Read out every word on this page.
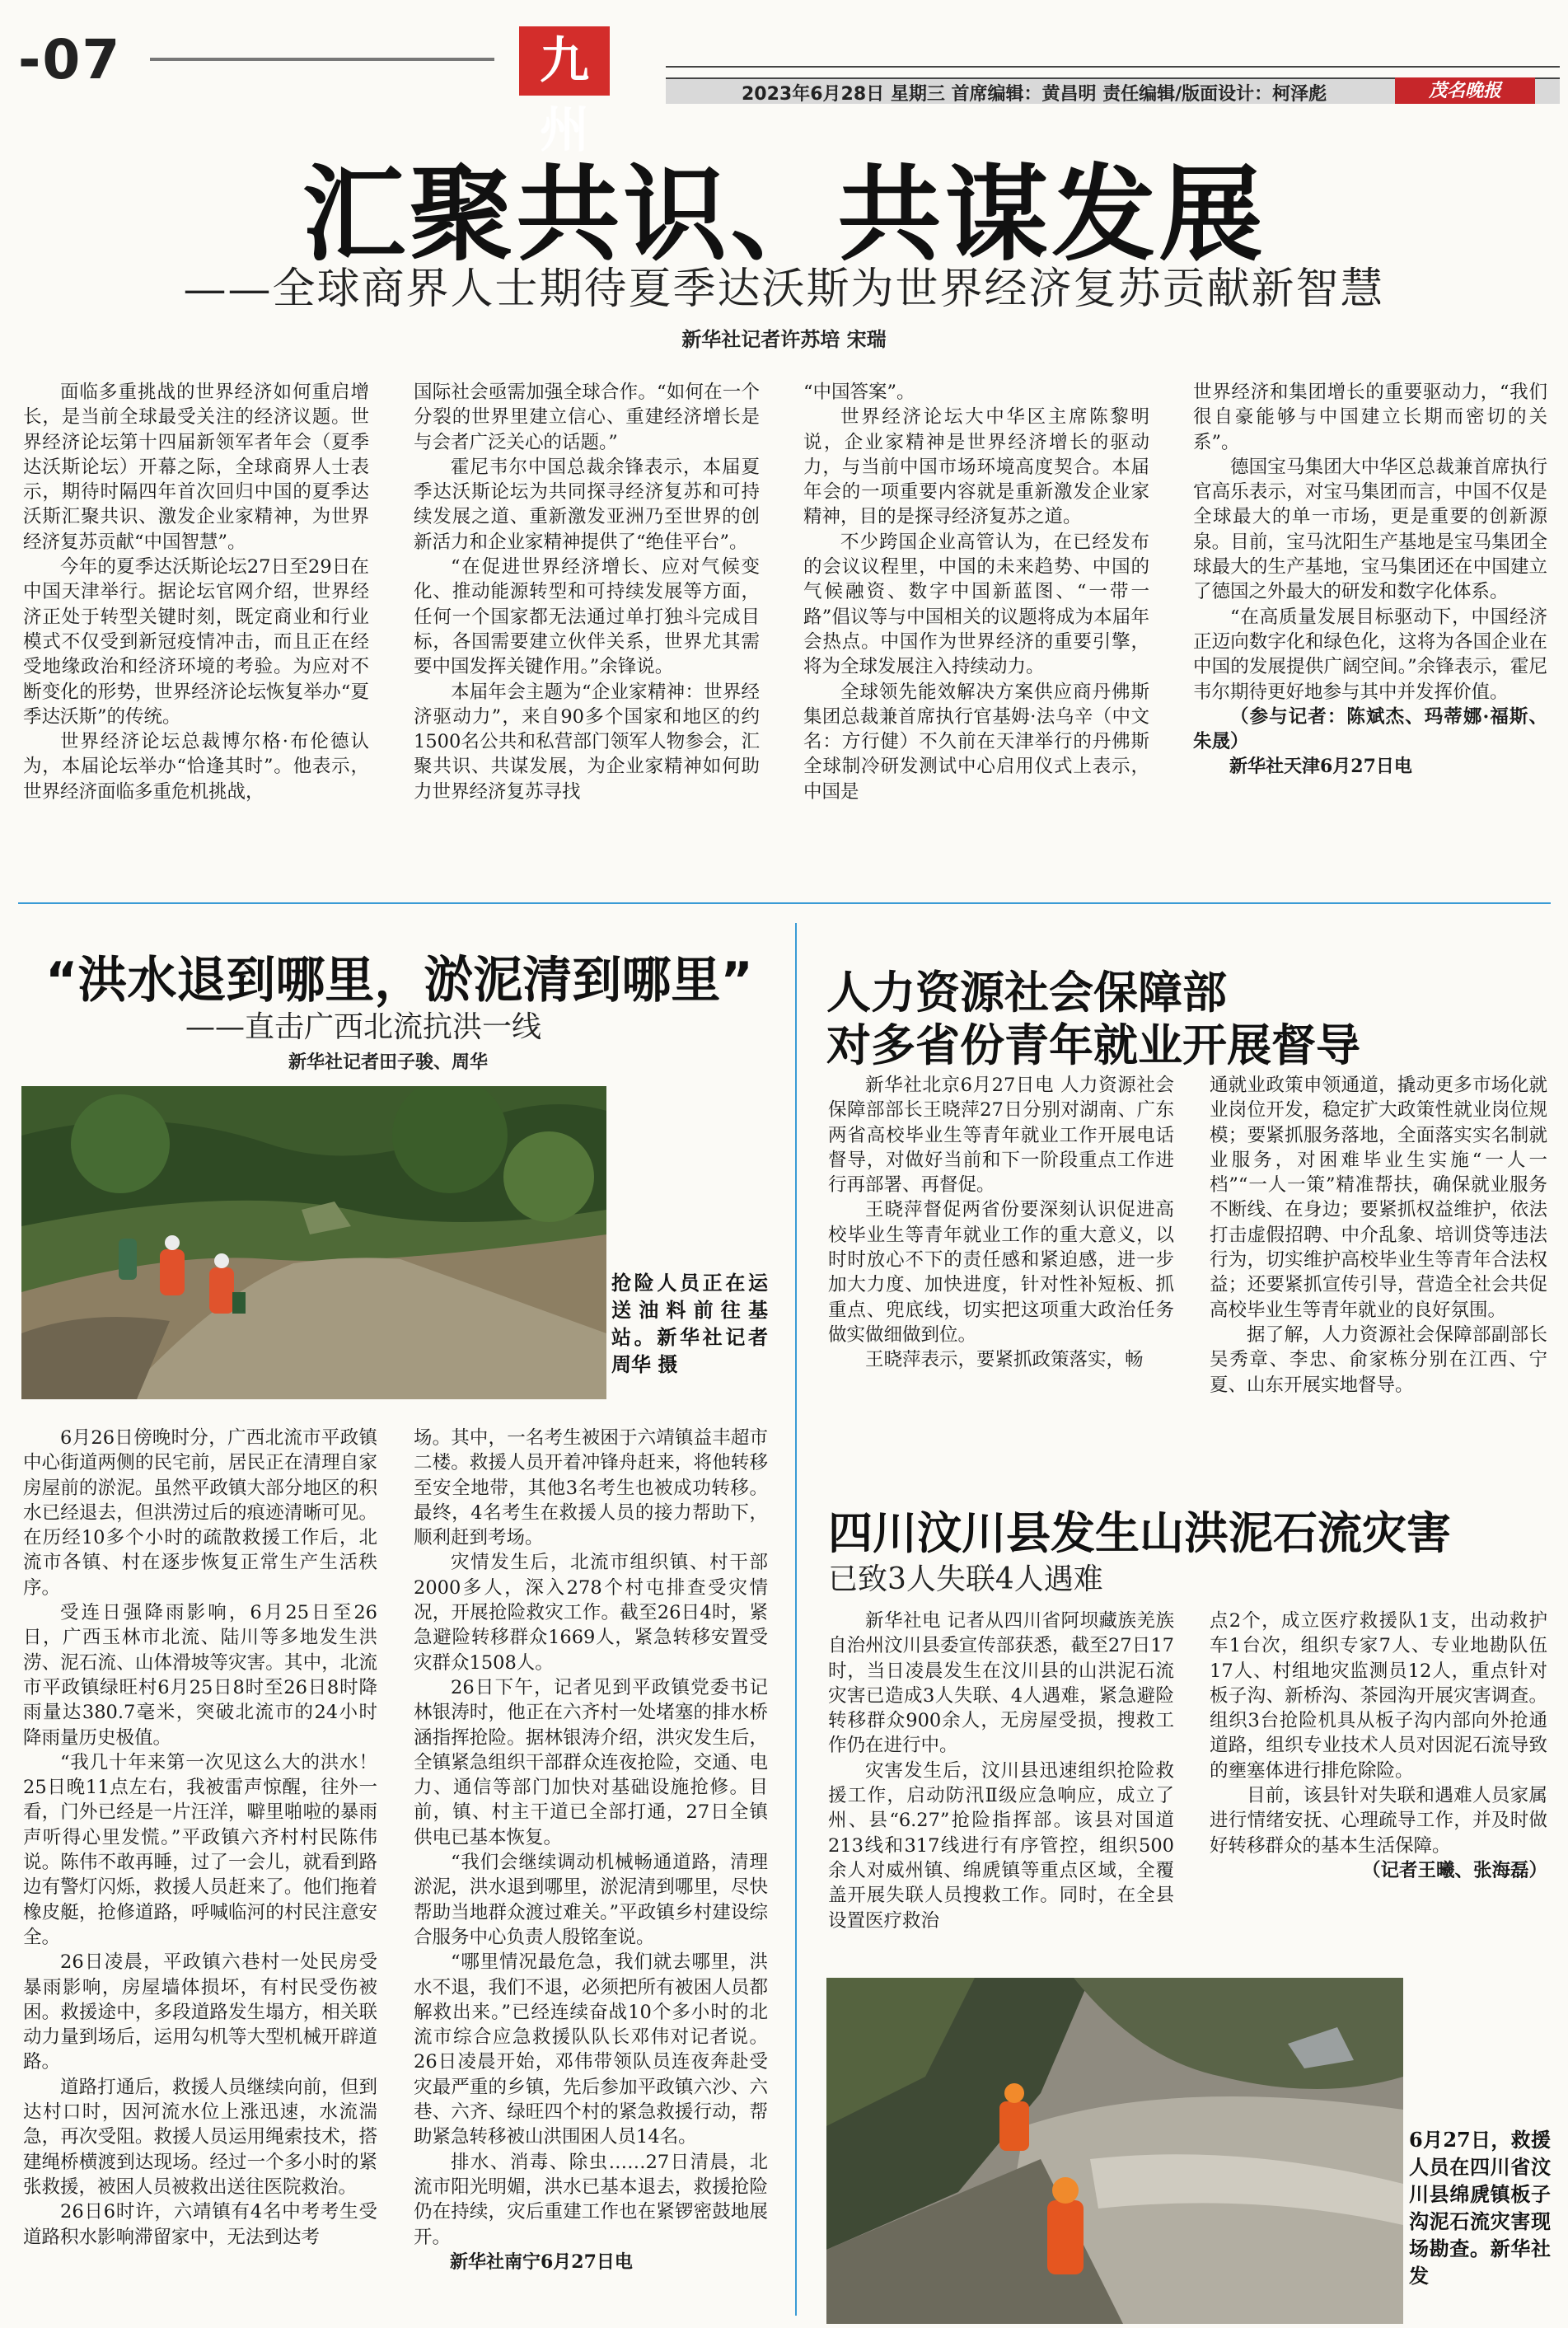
-07	九州
2023年6月28日 星期三 首席编辑：黄昌明 责任编辑/版面设计：柯泽彪	茂名晚报
汇聚共识、共谋发展
——全球商界人士期待夏季达沃斯为世界经济复苏贡献新智慧
新华社记者许苏培 宋瑞

面临多重挑战的世界经济如何重启增长，是当前全球最受关注的经济议题。世界经济论坛第十四届新领军者年会（夏季达沃斯论坛）开幕之际，全球商界人士表示，期待时隔四年首次回归中国的夏季达沃斯汇聚共识、激发企业家精神，为世界经济复苏贡献“中国智慧”。

今年的夏季达沃斯论坛27日至29日在中国天津举行。据论坛官网介绍，世界经济正处于转型关键时刻，既定商业和行业模式不仅受到新冠疫情冲击，而且正在经受地缘政治和经济环境的考验。为应对不断变化的形势，世界经济论坛恢复举办“夏季达沃斯”的传统。

世界经济论坛总裁博尔格·布伦德认为，本届论坛举办“恰逢其时”。他表示，世界经济面临多重危机挑战，

国际社会亟需加强全球合作。“如何在一个分裂的世界里建立信心、重建经济增长是与会者广泛关心的话题。”

霍尼韦尔中国总裁余锋表示，本届夏季达沃斯论坛为共同探寻经济复苏和可持续发展之道、重新激发亚洲乃至世界的创新活力和企业家精神提供了“绝佳平台”。

“在促进世界经济增长、应对气候变化、推动能源转型和可持续发展等方面，任何一个国家都无法通过单打独斗完成目标，各国需要建立伙伴关系，世界尤其需要中国发挥关键作用。”余锋说。

本届年会主题为“企业家精神：世界经济驱动力”，来自90多个国家和地区的约1500名公共和私营部门领军人物参会，汇聚共识、共谋发展，为企业家精神如何助力世界经济复苏寻找

“中国答案”。

世界经济论坛大中华区主席陈黎明说，企业家精神是世界经济增长的驱动力，与当前中国市场环境高度契合。本届年会的一项重要内容就是重新激发企业家精神，目的是探寻经济复苏之道。

不少跨国企业高管认为，在已经发布的会议议程里，中国的未来趋势、中国的气候融资、数字中国新蓝图、“一带一路”倡议等与中国相关的议题将成为本届年会热点。中国作为世界经济的重要引擎，将为全球发展注入持续动力。

全球领先能效解决方案供应商丹佛斯集团总裁兼首席执行官基姆·法乌辛（中文名：方行健）不久前在天津举行的丹佛斯全球制冷研发测试中心启用仪式上表示，中国是

世界经济和集团增长的重要驱动力，“我们很自豪能够与中国建立长期而密切的关系”。

德国宝马集团大中华区总裁兼首席执行官高乐表示，对宝马集团而言，中国不仅是全球最大的单一市场，更是重要的创新源泉。目前，宝马沈阳生产基地是宝马集团全球最大的生产基地，宝马集团还在中国建立了德国之外最大的研发和数字化体系。

“在高质量发展目标驱动下，中国经济正迈向数字化和绿色化，这将为各国企业在中国的发展提供广阔空间。”余锋表示，霍尼韦尔期待更好地参与其中并发挥价值。

（参与记者：陈斌杰、玛蒂娜·福斯、朱晟）

新华社天津6月27日电

“洪水退到哪里，淤泥清到哪里”
——直击广西北流抗洪一线
新华社记者田子骏、周华
抢险人员正在运送油料前往基站。新华社记者周华 摄

6月26日傍晚时分，广西北流市平政镇中心街道两侧的民宅前，居民正在清理自家房屋前的淤泥。虽然平政镇大部分地区的积水已经退去，但洪涝过后的痕迹清晰可见。在历经10多个小时的疏散救援工作后，北流市各镇、村在逐步恢复正常生产生活秩序。

受连日强降雨影响，6月25日至26日，广西玉林市北流、陆川等多地发生洪涝、泥石流、山体滑坡等灾害。其中，北流市平政镇绿旺村6月25日8时至26日8时降雨量达380.7毫米，突破北流市的24小时降雨量历史极值。

“我几十年来第一次见这么大的洪水！25日晚11点左右，我被雷声惊醒，往外一看，门外已经是一片汪洋，噼里啪啦的暴雨声听得心里发慌。”平政镇六齐村村民陈伟说。陈伟不敢再睡，过了一会儿，就看到路边有警灯闪烁，救援人员赶来了。他们拖着橡皮艇，抢修道路，呼喊临河的村民注意安全。

26日凌晨，平政镇六巷村一处民房受暴雨影响，房屋墙体损坏，有村民受伤被困。救援途中，多段道路发生塌方，相关联动力量到场后，运用勾机等大型机械开辟道路。

道路打通后，救援人员继续向前，但到达村口时，因河流水位上涨迅速，水流湍急，再次受阻。救援人员运用绳索技术，搭建绳桥横渡到达现场。经过一个多小时的紧张救援，被困人员被救出送往医院救治。

26日6时许，六靖镇有4名中考考生受道路积水影响滞留家中，无法到达考

场。其中，一名考生被困于六靖镇益丰超市二楼。救援人员开着冲锋舟赶来，将他转移至安全地带，其他3名考生也被成功转移。最终，4名考生在救援人员的接力帮助下，顺利赶到考场。

灾情发生后，北流市组织镇、村干部2000多人，深入278个村屯排查受灾情况，开展抢险救灾工作。截至26日4时，紧急避险转移群众1669人，紧急转移安置受灾群众1508人。

26日下午，记者见到平政镇党委书记林银涛时，他正在六齐村一处堵塞的排水桥涵指挥抢险。据林银涛介绍，洪灾发生后，全镇紧急组织干部群众连夜抢险，交通、电力、通信等部门加快对基础设施抢修。目前，镇、村主干道已全部打通，27日全镇供电已基本恢复。

“我们会继续调动机械畅通道路，清理淤泥，洪水退到哪里，淤泥清到哪里，尽快帮助当地群众渡过难关。”平政镇乡村建设综合服务中心负责人殷铭奎说。

“哪里情况最危急，我们就去哪里，洪水不退，我们不退，必须把所有被困人员都解救出来。”已经连续奋战10个多小时的北流市综合应急救援队队长邓伟对记者说。26日凌晨开始，邓伟带领队员连夜奔赴受灾最严重的乡镇，先后参加平政镇六沙、六巷、六齐、绿旺四个村的紧急救援行动，帮助紧急转移被山洪围困人员14名。

排水、消毒、除虫……27日清晨，北流市阳光明媚，洪水已基本退去，救援抢险仍在持续，灾后重建工作也在紧锣密鼓地展开。

新华社南宁6月27日电

人力资源社会保障部
对多省份青年就业开展督导

新华社北京6月27日电 人力资源社会保障部部长王晓萍27日分别对湖南、广东两省高校毕业生等青年就业工作开展电话督导，对做好当前和下一阶段重点工作进行再部署、再督促。

王晓萍督促两省份要深刻认识促进高校毕业生等青年就业工作的重大意义，以时时放心不下的责任感和紧迫感，进一步加大力度、加快进度，针对性补短板、抓重点、兜底线，切实把这项重大政治任务做实做细做到位。

王晓萍表示，要紧抓政策落实，畅

通就业政策申领通道，撬动更多市场化就业岗位开发，稳定扩大政策性就业岗位规模；要紧抓服务落地，全面落实实名制就业服务，对困难毕业生实施“一人一档”“一人一策”精准帮扶，确保就业服务不断线、在身边；要紧抓权益维护，依法打击虚假招聘、中介乱象、培训贷等违法行为，切实维护高校毕业生等青年合法权益；还要紧抓宣传引导，营造全社会共促高校毕业生等青年就业的良好氛围。

据了解，人力资源社会保障部副部长吴秀章、李忠、俞家栋分别在江西、宁夏、山东开展实地督导。

四川汶川县发生山洪泥石流灾害
已致3人失联4人遇难

新华社电 记者从四川省阿坝藏族羌族自治州汶川县委宣传部获悉，截至27日17时，当日凌晨发生在汶川县的山洪泥石流灾害已造成3人失联、4人遇难，紧急避险转移群众900余人，无房屋受损，搜救工作仍在进行中。

灾害发生后，汶川县迅速组织抢险救援工作，启动防汛Ⅱ级应急响应，成立了州、县“6.27”抢险指挥部。该县对国道213线和317线进行有序管控，组织500余人对威州镇、绵虒镇等重点区域，全覆盖开展失联人员搜救工作。同时，在全县设置医疗救治

点2个，成立医疗救援队1支，出动救护车1台次，组织专家7人、专业地勘队伍17人、村组地灾监测员12人，重点针对板子沟、新桥沟、茶园沟开展灾害调查。组织3台抢险机具从板子沟内部向外抢通道路，组织专业技术人员对因泥石流导致的壅塞体进行排危除险。

目前，该县针对失联和遇难人员家属进行情绪安抚、心理疏导工作，并及时做好转移群众的基本生活保障。

（记者王曦、张海磊）

6月27日，救援人员在四川省汶川县绵虒镇板子沟泥石流灾害现场勘查。新华社发
